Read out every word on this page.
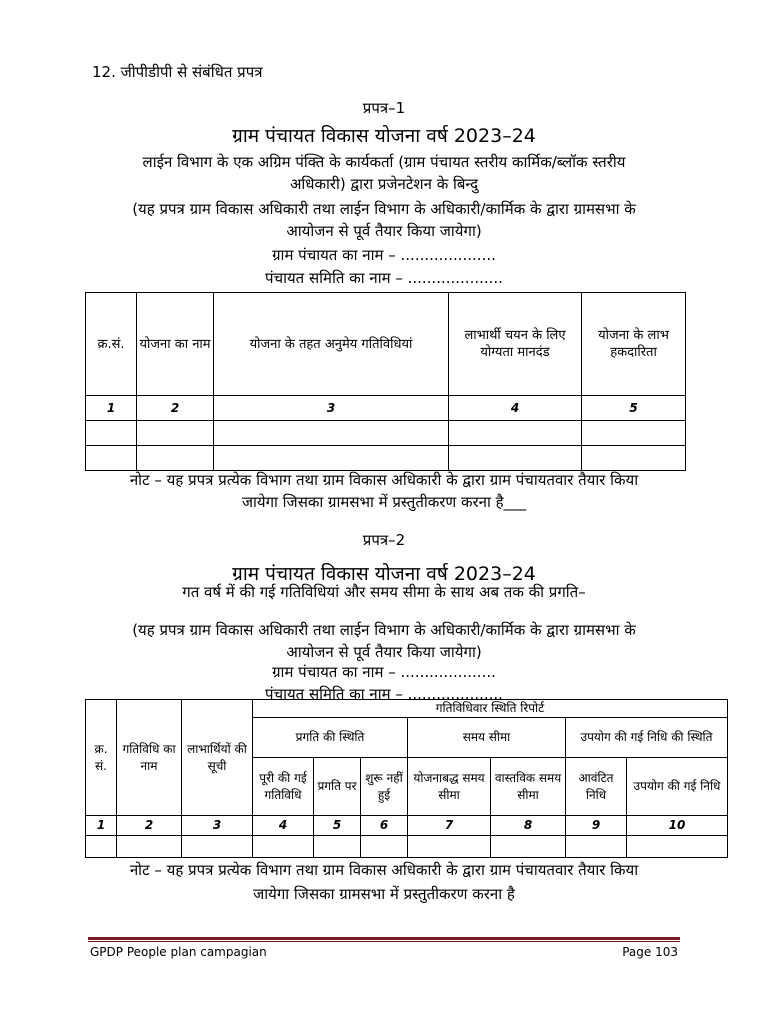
12. जीपीडीपी से संबंधित प्रपत्र
प्रपत्र–1
ग्राम पंचायत विकास योजना वर्ष 2023–24
लाईन विभाग के एक अग्रिम पंक्ति के कार्यकर्ता (ग्राम पंचायत स्तरीय कार्मिक/ब्लॉक स्तरीय
अधिकारी) द्वारा प्रजेनटेशन के बिन्दु
(यह प्रपत्र ग्राम विकास अधिकारी तथा लाईन विभाग के अधिकारी/कार्मिक के द्वारा ग्रामसभा के
आयोजन से पूर्व तैयार किया जायेगा)
ग्राम पंचायत का नाम – ....................
पंचायत समिति का नाम – ....................
क्र.सं.	योजना का नाम	योजना के तहत अनुमेय गतिविधियां	लाभार्थी चयन के लिए योग्यता मानदंड	योजना के लाभ हकदारिता
1	2	3	4	5

नोट – यह प्रपत्र प्रत्येक विभाग तथा ग्राम विकास अधिकारी के द्वारा ग्राम पंचायतवार तैयार किया
जायेगा जिसका ग्रामसभा में प्रस्तुतीकरण करना है___
प्रपत्र–2
ग्राम पंचायत विकास योजना वर्ष 2023–24
गत वर्ष में की गई गतिविधियां और समय सीमा के साथ अब तक की प्रगति–
(यह प्रपत्र ग्राम विकास अधिकारी तथा लाईन विभाग के अधिकारी/कार्मिक के द्वारा ग्रामसभा के
आयोजन से पूर्व तैयार किया जायेगा)
ग्राम पंचायत का नाम – ....................
पंचायत समिति का नाम – ....................
क्र. सं.	गतिविधि का नाम	लाभार्थियों की सूची	गतिविधिवार स्थिति रिपोर्ट						
			प्रगति की स्थिति			समय सीमा		उपयोग की गई निधि की स्थिति	
			पूरी की गई गतिविधि	प्रगति पर	शुरू नहीं हुई	योजनाबद्ध समय सीमा	वास्तविक समय सीमा	आवंटित निधि	उपयोग की गई निधि
1	2	3	4	5	6	7	8	9	10

नोट – यह प्रपत्र प्रत्येक विभाग तथा ग्राम विकास अधिकारी के द्वारा ग्राम पंचायतवार तैयार किया
जायेगा जिसका ग्रामसभा में प्रस्तुतीकरण करना है
GPDP People plan campagian	Page 103
